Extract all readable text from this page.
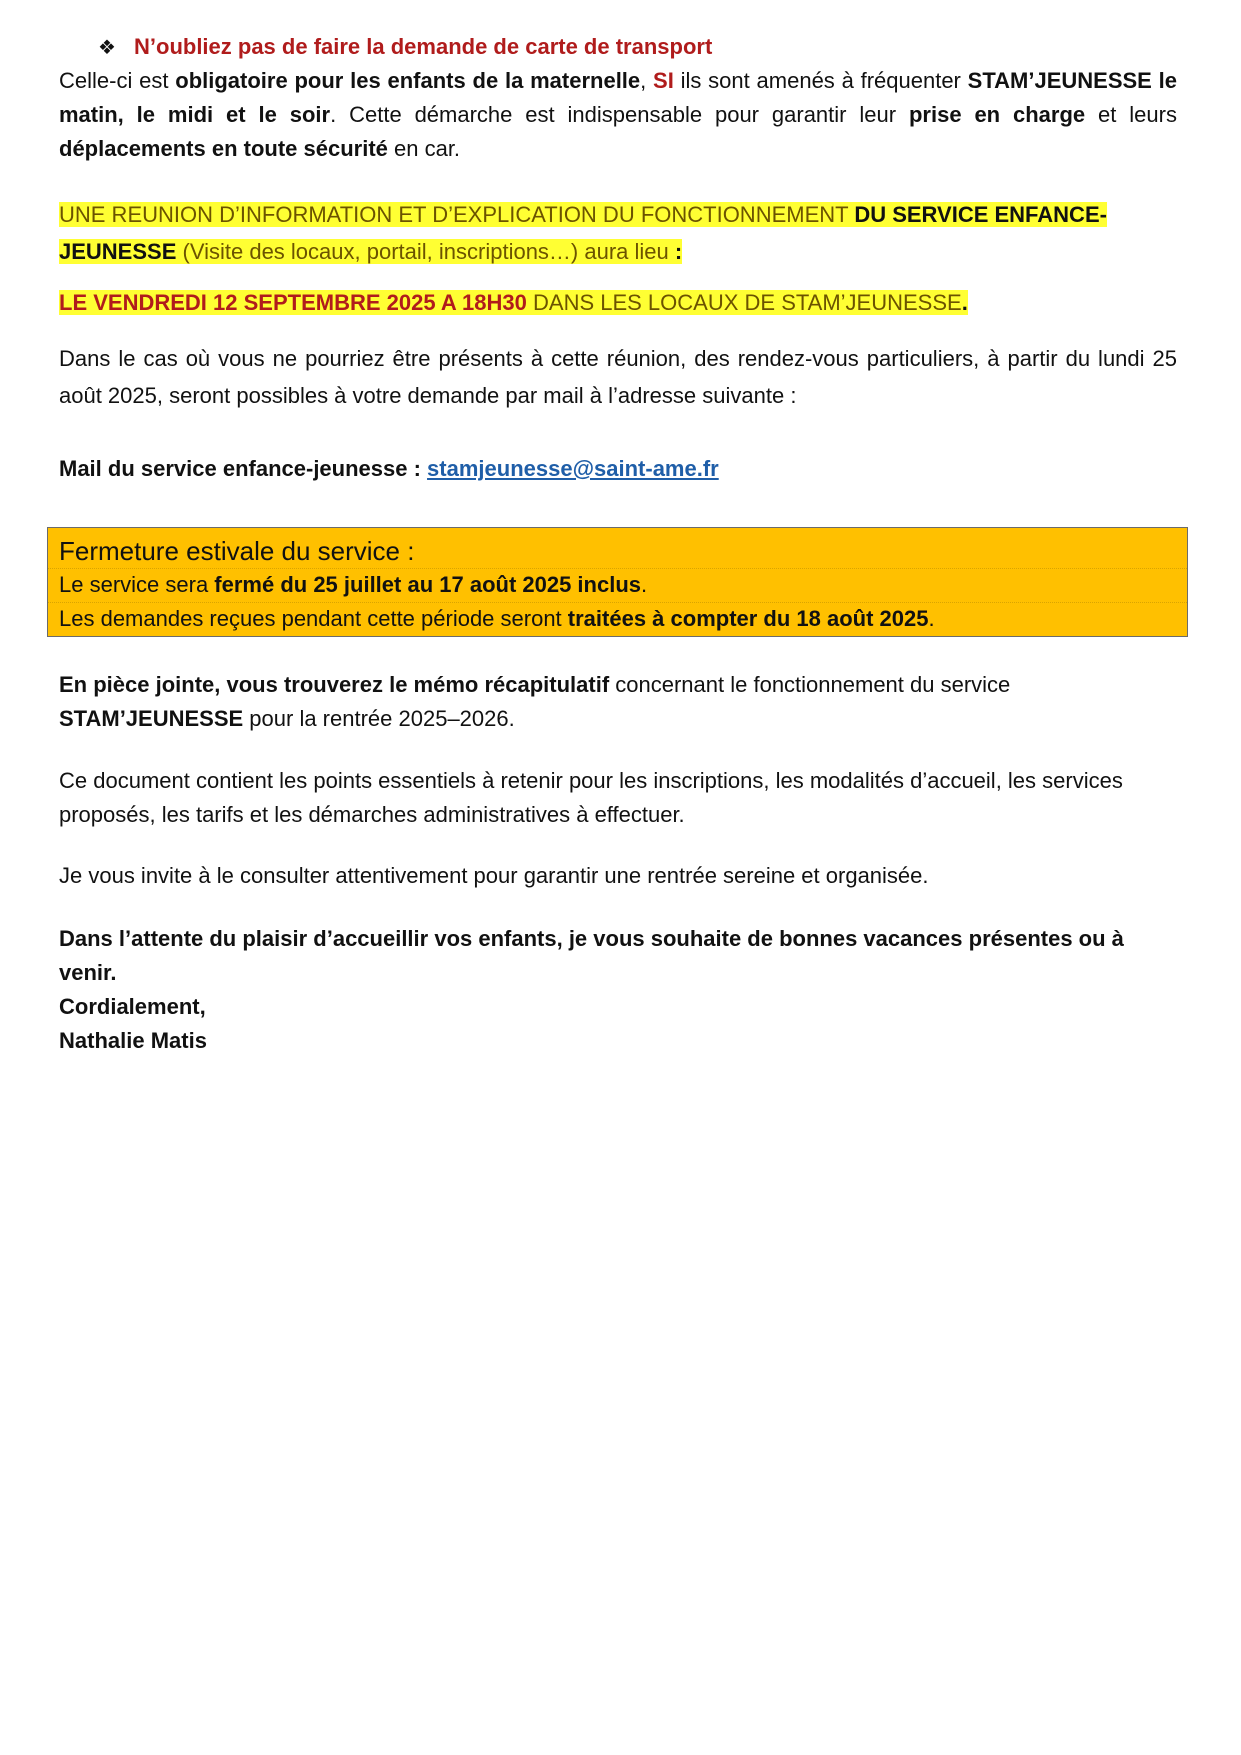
❖ N’oubliez pas de faire la demande de carte de transport

Celle-ci est obligatoire pour les enfants de la maternelle, SI ils sont amenés à fréquenter STAM’JEUNESSE le matin, le midi et le soir. Cette démarche est indispensable pour garantir leur prise en charge et leurs déplacements en toute sécurité en car.

UNE REUNION D’INFORMATION ET D’EXPLICATION DU FONCTIONNEMENT DU SERVICE ENFANCE-JEUNESSE (Visite des locaux, portail, inscriptions…) aura lieu :

LE VENDREDI 12 SEPTEMBRE 2025 A 18H30 DANS LES LOCAUX DE STAM’JEUNESSE.

Dans le cas où vous ne pourriez être présents à cette réunion, des rendez-vous particuliers, à partir du lundi 25 août 2025, seront possibles à votre demande par mail à l’adresse suivante :

Mail du service enfance-jeunesse : stamjeunesse@saint-ame.fr

Fermeture estivale du service :
Le service sera fermé du 25 juillet au 17 août 2025 inclus.
Les demandes reçues pendant cette période seront traitées à compter du 18 août 2025.

En pièce jointe, vous trouverez le mémo récapitulatif concernant le fonctionnement du service
STAM’JEUNESSE pour la rentrée 2025–2026.

Ce document contient les points essentiels à retenir pour les inscriptions, les modalités d’accueil, les services proposés, les tarifs et les démarches administratives à effectuer.

Je vous invite à le consulter attentivement pour garantir une rentrée sereine et organisée.

Dans l’attente du plaisir d’accueillir vos enfants, je vous souhaite de bonnes vacances présentes ou à venir.

Cordialement,

Nathalie Matis
